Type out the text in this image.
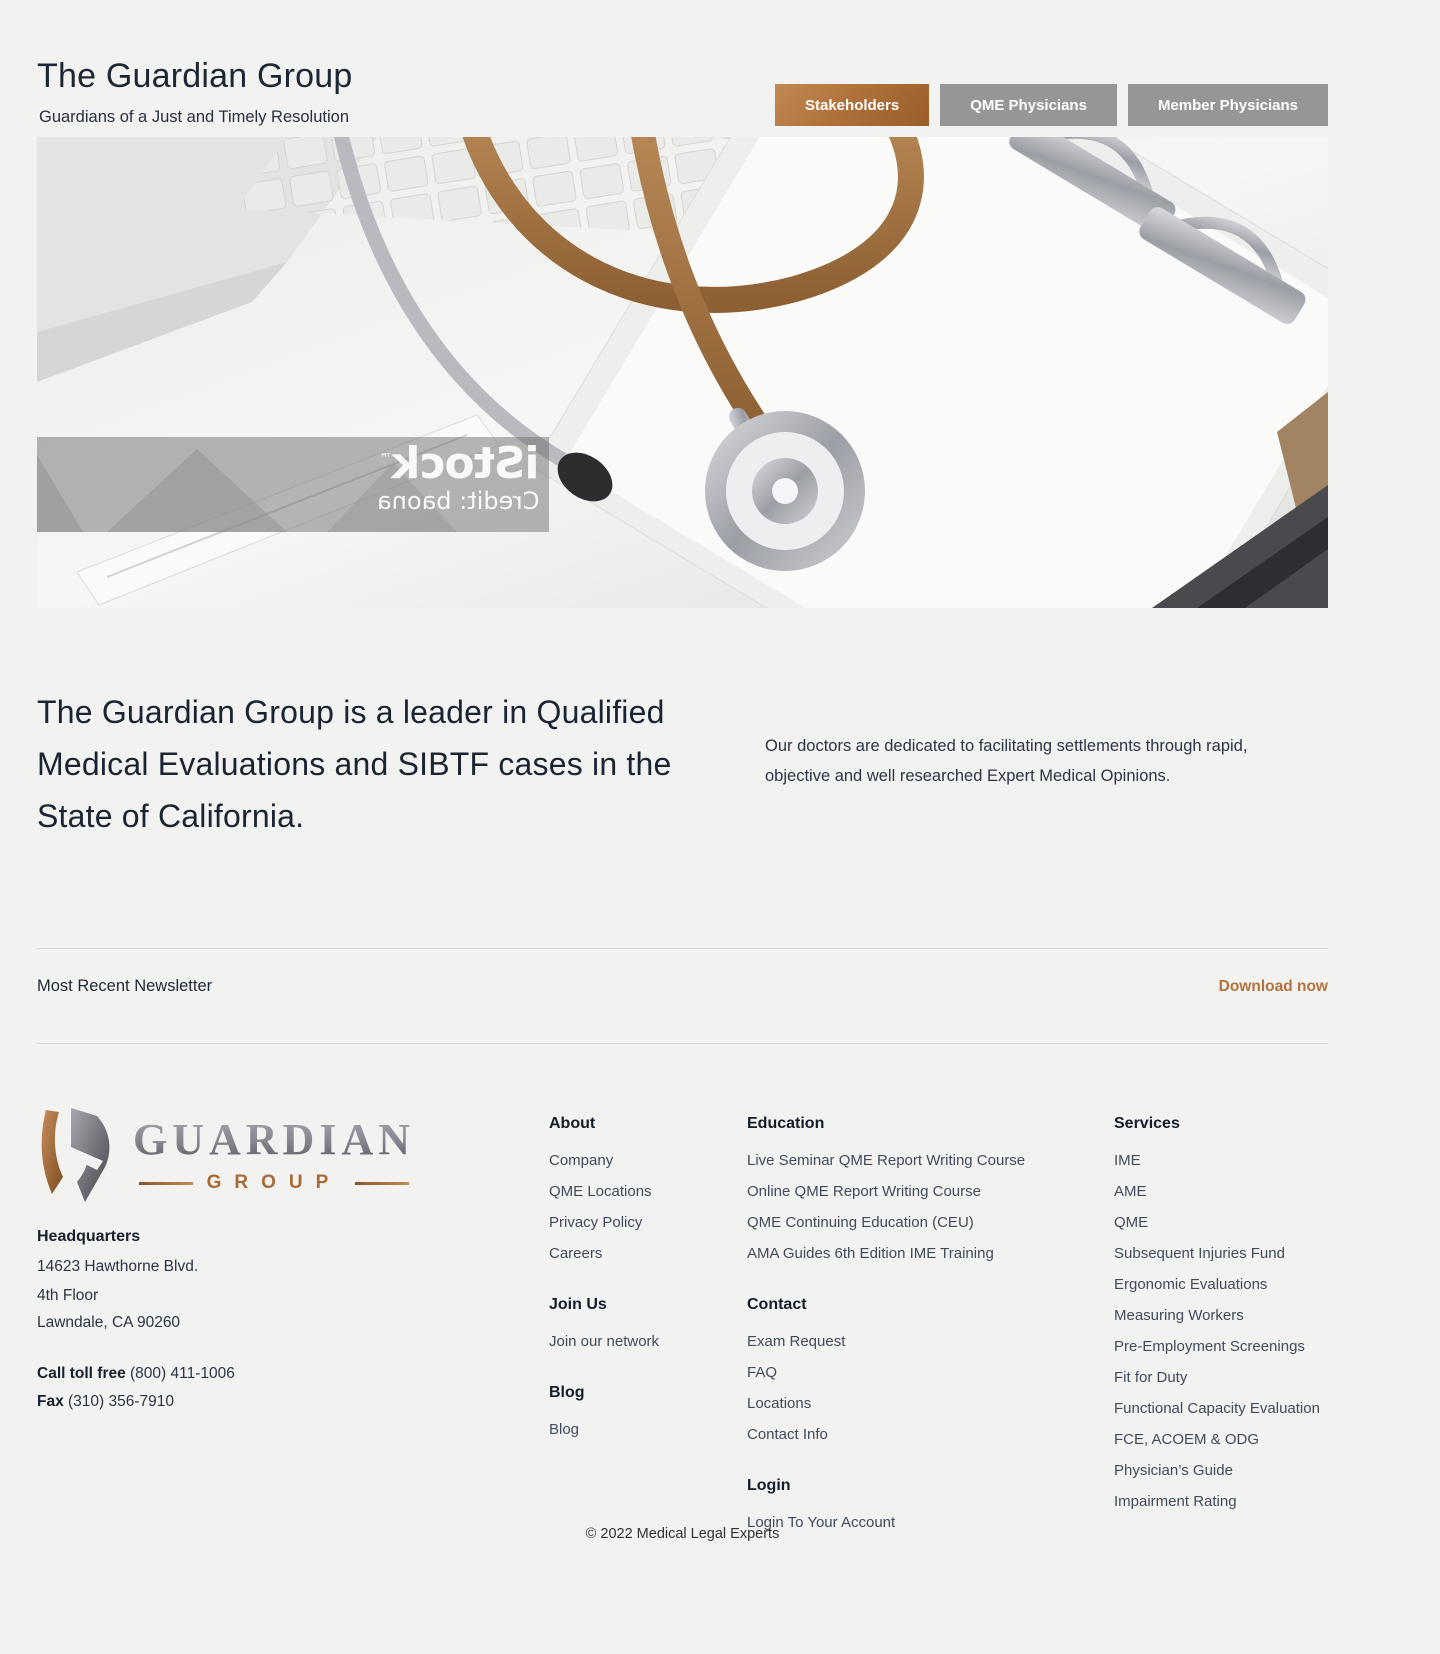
The Guardian Group
Guardians of a Just and Timely Resolution
Stakeholders	QME Physicians	Member Physicians
iStock™
Credit: baona
The Guardian Group is a leader in Qualified Medical Evaluations and SIBTF cases in the State of California.

Our doctors are dedicated to facilitating settlements through rapid, objective and well researched Expert Medical Opinions.

Most Recent Newsletter	Download now
GUARDIAN
GROUP
Headquarters
14623 Hawthorne Blvd.
4th Floor
Lawndale, CA 90260
Call toll free (800) 411-1006
Fax (310) 356-7910
About
Company
QME Locations
Privacy Policy
Careers
Join Us
Join our network
Blog
Blog
Education
Live Seminar QME Report Writing Course
Online QME Report Writing Course
QME Continuing Education (CEU)
AMA Guides 6th Edition IME Training
Contact
Exam Request
FAQ
Locations
Contact Info
Login
Login To Your Account
Services
IME
AME
QME
Subsequent Injuries Fund
Ergonomic Evaluations
Measuring Workers
Pre-Employment Screenings
Fit for Duty
Functional Capacity Evaluation
FCE, ACOEM & ODG
Physician’s Guide
Impairment Rating
© 2022 Medical Legal Experts
